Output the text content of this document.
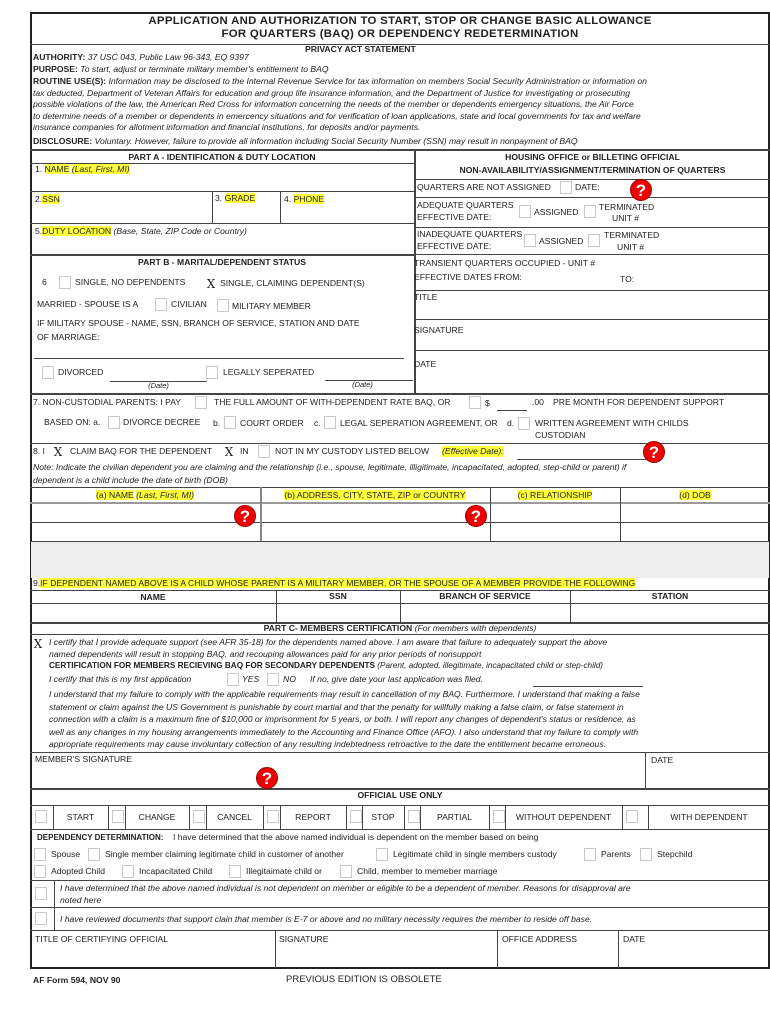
APPLICATION AND AUTHORIZATION TO START, STOP OR CHANGE BASIC ALLOWANCE
FOR QUARTERS (BAQ) OR DEPENDENCY REDETERMINATION
PRIVACY ACT STATEMENT
AUTHORITY: 37 USC 043, Public Law 96-343, EQ 9397
PURPOSE: To start, adjust or terminate military member's entitlement to BAQ
ROUTINE USE(S): Information may be disclosed to the Internal Revenue Service for tax information on members Social Security Administration or information on
tax deducted, Department of Veteran Affairs for education and group life insurance information, and the Department of Justice for investigating or prosecuting
possible violations of the law, the American Red Cross for information concerning the needs of the member or dependents emergency situations, the Air Force
to determine needs of a member or dependents in emercency situations and for verification of loan applications, state and local governments for tax and welfare
insurance companies for allotment information and financial institutions, for deposits and/or payments.
DISCLOSURE: Voluntary. However, failure to provide all information including Social Security Number (SSN) may result in nonpayment of BAQ
PART A - IDENTIFICATION & DUTY LOCATION
1. NAME (Last, First, MI)
2.SSN	3. GRADE	4. PHONE
5.DUTY LOCATION (Base, State, ZIP Code or Country)
PART B - MARITAL/DEPENDENT STATUS
6	SINGLE, NO DEPENDENTS X SINGLE, CLAIMING DEPENDENT(S)
MARRIED - SPOUSE IS A	CIVILIAN	MILITARY MEMBER
IF MILITARY SPOUSE - NAME, SSN, BRANCH OF SERVICE, STATION AND DATE
OF MARRIAGE:
DIVORCED
(Date)
LEGALLY SEPERATED
(Date)
HOUSING OFFICE or BILLETING OFFICIAL
NON-AVAILABILITY/ASSIGNMENT/TERMINATION OF QUARTERS
QUARTERS ARE NOT ASSIGNED	DATE:
ADEQUATE QUARTERS
EFFECTIVE DATE:	ASSIGNED TERMINATED
UNIT #
INADEQUATE QUARTERS
EFFECTIVE DATE:	ASSIGNED
TERMINATED
UNIT #
TRANSIENT QUARTERS OCCUPIED - UNIT #
EFFECTIVE DATES FROM:	TO:
TITLE
SIGNATURE
DATE
7. NON-CUSTODIAL PARENTS: I PAY	THE FULL AMOUNT OF WITH-DEPENDENT RATE BAQ, OR	$	.00 PRE MONTH FOR DEPENDENT SUPPORT
BASED ON: a.	DIVORCE DECREE b. COURT ORDER c. LEGAL SEPERATION AGREEMENT, OR d. WRITTEN AGREEMENT WITH CHILDS
CUSTODIAN
8. I X CLAIM BAQ FOR THE DEPENDENT X IN	NOT IN MY CUSTODY LISTED BELOW (Effective Date):
Note: Indicate the civilian dependent you are claiming and the relationship (i.e., spouse, legitimate, illigitimate, incapacitated, adopted, step-child or parent) if
dependent is a child include the date of birth (DOB)
(a) NAME (Last, First, MI)	(b) ADDRESS, CITY, STATE, ZIP or COUNTRY	(c) RELATIONSHIP	(d) DOB
9.IF DEPENDENT NAMED ABOVE IS A CHILD WHOSE PARENT IS A MILITARY MEMBER, OR THE SPOUSE OF A MEMBER PROVIDE THE FOLLOWING
NAME	SSN	BRANCH OF SERVICE	STATION
PART C- MEMBERS CERTIFICATION (For members with dependents)
X I certify that I provide adequate support (see AFR 35-18) for the dependents named above. I am aware that failure to adequately support the above
named dependents will result in stopping BAQ, and recouping allowances paid for any prior periods of nonsupport
CERTIFICATION FOR MEMBERS RECIEVING BAQ FOR SECONDARY DEPENDENTS (Parent, adopted, illegitimate, incapacitated child or step-child)
I certify that this is my first application	YES	NO If no, give date your last application was filed.
I understand that my failure to comply with the applicable requirements may result in cancellation of my BAQ. Furthermore, I understand that making a false
statement or claim against the US Government is punishable by court martial and that the penalty for willfully making a false claim, or false statement in
connection with a claim is a maximum fine of $10,000 or imprisonment for 5 years, or both. I will report any changes of dependent's status or residence, as
well as any changes in my housing arrangements immediately to the Accounting and Finance Office (AFO). I also understand that my failure to comply with
appropriate requirements may cause involuntary collection of any resulting indebtedness retroactive to the date the entitlement became erroneous.
MEMBER'S SIGNATURE	DATE
OFFICIAL USE ONLY
START	CHANGE	CANCEL	REPORT	STOP	PARTIAL	WITHOUT DEPENDENT	WITH DEPENDENT
DEPENDENCY DETERMINATION: I have determined that the above named individual is dependent on the member based on being
Spouse	Single member claiming legitimate child in customer of another	Legitimate child in single members custody	Parents	Stepchild
Adopted Child	Incapacitated Child	Illegitaimate child or	Child, member to memeber marriage
I have determined that the above named individual is not dependent on member or eligible to be a dependent of member. Reasons for disapproval are
noted here
I have reviewed documents that support clain that member is E-7 or above and no military necessity requires the member to reside off base.
TITLE OF CERTIFYING OFFICIAL	SIGNATURE	OFFICE ADDRESS	DATE
AF Form 594, NOV 90	PREVIOUS EDITION IS OBSOLETE
?
?
?	?
?
